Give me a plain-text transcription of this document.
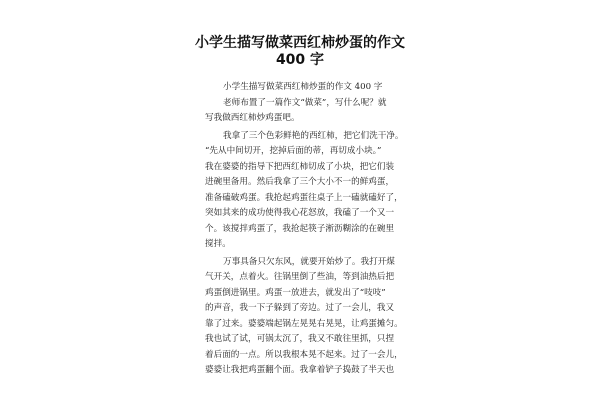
小学生描写做菜西红柿炒蛋的作文
400 字
小学生描写做菜西红柿炒蛋的作文 400 字
老师布置了一篇作文“做菜”，写什么呢？就
写我做西红柿炒鸡蛋吧。
我拿了三个色彩鲜艳的西红柿，把它们洗干净。
“先从中间切开，挖掉后面的蒂，再切成小块。”
我在婆婆的指导下把西红柿切成了小块，把它们装
进碗里备用。然后我拿了三个大小不一的鲜鸡蛋，
准备磕破鸡蛋。我抢起鸡蛋往桌子上一磕就磕好了，
突如其来的成功使得我心花怒放，我磕了一个又一
个。该搅拌鸡蛋了，我抢起筷子淅沥糊涂的在碗里
搅拌。
万事具备只欠东风，就要开始炒了。我打开煤
气开关，点着火。往锅里倒了些油，等到油热后把
鸡蛋倒进锅里。鸡蛋一放进去，就发出了“吱吱”
的声音，我一下子躲到了旁边。过了一会儿，我又
靠了过来。婆婆端起锅左晃晃右晃晃，让鸡蛋摊匀。
我也试了试，可锅太沉了，我又不敢往里抓，只捏
着后面的一点。所以我根本晃不起来。过了一会儿，
婆婆让我把鸡蛋翻个面。我拿着铲子捣鼓了半天也
